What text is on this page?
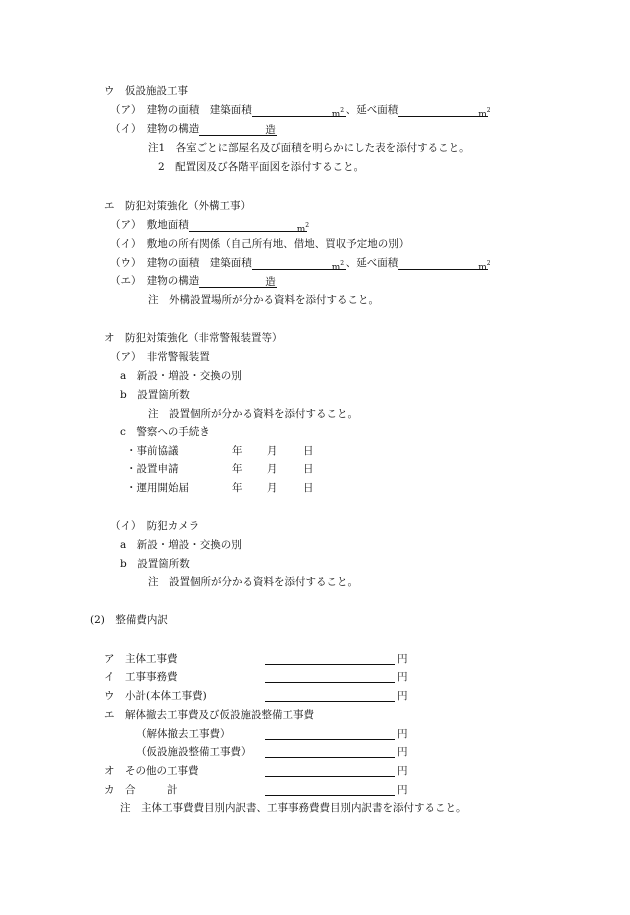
ウ　仮設施設工事
（ア）　建物の面積　建築面積	$m^2$ 、延べ面積	$m^2$
（イ）　建物の構造	造
注1　各室ごとに部屋名及び面積を明らかにした表を添付すること。
2　配置図及び各階平面図を添付すること。
エ　防犯対策強化（外構工事）
（ア）　敷地面積	$m^2$
（イ）　敷地の所有関係（自己所有地、借地、買収予定地の別）
（ウ）　建物の面積　建築面積	$m^2$ 、延べ面積	$m^2$
（エ）　建物の構造	造
注　外構設置場所が分かる資料を添付すること。
オ　防犯対策強化（非常警報装置等）
（ア）　非常警報装置
a　新設・増設・交換の別
b　設置箇所数
注　設置個所が分かる資料を添付すること。
c　警察への手続き
・事前協議	年 月 日
・設置申請	年 月 日
・運用開始届	年 月 日
（イ）　防犯カメラ
a　新設・増設・交換の別
b　設置箇所数
注　設置個所が分かる資料を添付すること。
(2)　整備費内訳
ア　主体工事費	円
イ　工事事務費	円
ウ　小計(本体工事費)	円
エ　解体撤去工事費及び仮設施設整備工事費
（解体撤去工事費）	円
（仮設施設整備工事費）	円
オ　その他の工事費	円
カ　合　　　計	円
注　主体工事費費目別内訳書、工事事務費費目別内訳書を添付すること。
